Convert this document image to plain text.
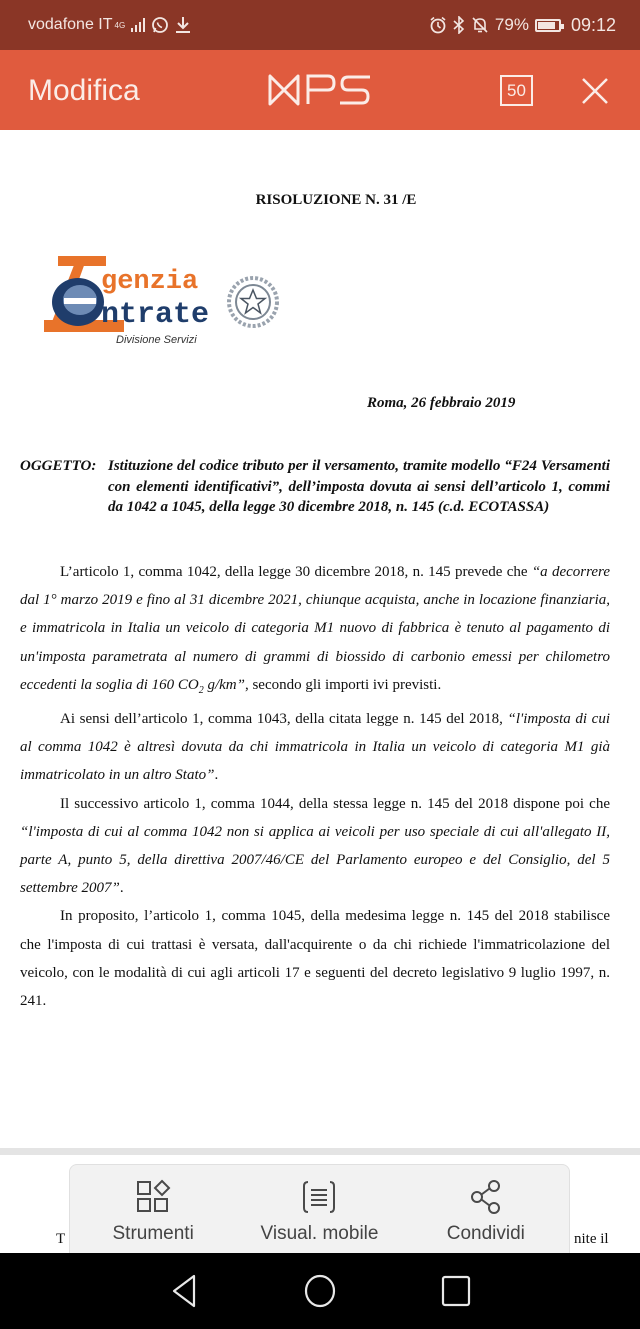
vodafone IT 4G	79% 09:12
Modifica	50
RISOLUZIONE N. 31 /E
genzia
ntrate
Divisione Servizi
Roma, 26 febbraio 2019
OGGETTO: Istituzione del codice tributo per il versamento, tramite modello “F24 Versamenti con elementi identificativi”, dell’imposta dovuta ai sensi dell’articolo 1, commi da 1042 a 1045, della legge 30 dicembre 2018, n. 145 (c.d. ECOTASSA)

L’articolo 1, comma 1042, della legge 30 dicembre 2018, n. 145 prevede che “a decorrere dal 1° marzo 2019 e fino al 31 dicembre 2021, chiunque acquista, anche in locazione finanziaria, e immatricola in Italia un veicolo di categoria M1 nuovo di fabbrica è tenuto al pagamento di un'imposta parametrata al numero di grammi di biossido di carbonio emessi per chilometro eccedenti la soglia di 160 $CO_2$ g/km”, secondo gli importi ivi previsti.

Ai sensi dell’articolo 1, comma 1043, della citata legge n. 145 del 2018, “l'imposta di cui al comma 1042 è altresì dovuta da chi immatricola in Italia un veicolo di categoria M1 già immatricolato in un altro Stato”.

Il successivo articolo 1, comma 1044, della stessa legge n. 145 del 2018 dispone poi che “l'imposta di cui al comma 1042 non si applica ai veicoli per uso speciale di cui all'allegato II, parte A, punto 5, della direttiva 2007/46/CE del Parlamento europeo e del Consiglio, del 5 settembre 2007”.

In proposito, l’articolo 1, comma 1045, della medesima legge n. 145 del 2018 stabilisce che l'imposta di cui trattasi è versata, dall'acquirente o da chi richiede l'immatricolazione del veicolo, con le modalità di cui agli articoli 17 e seguenti del decreto legislativo 9 luglio 1997, n. 241.

Strumenti	Visual. mobile	Condividi
T	nite il
